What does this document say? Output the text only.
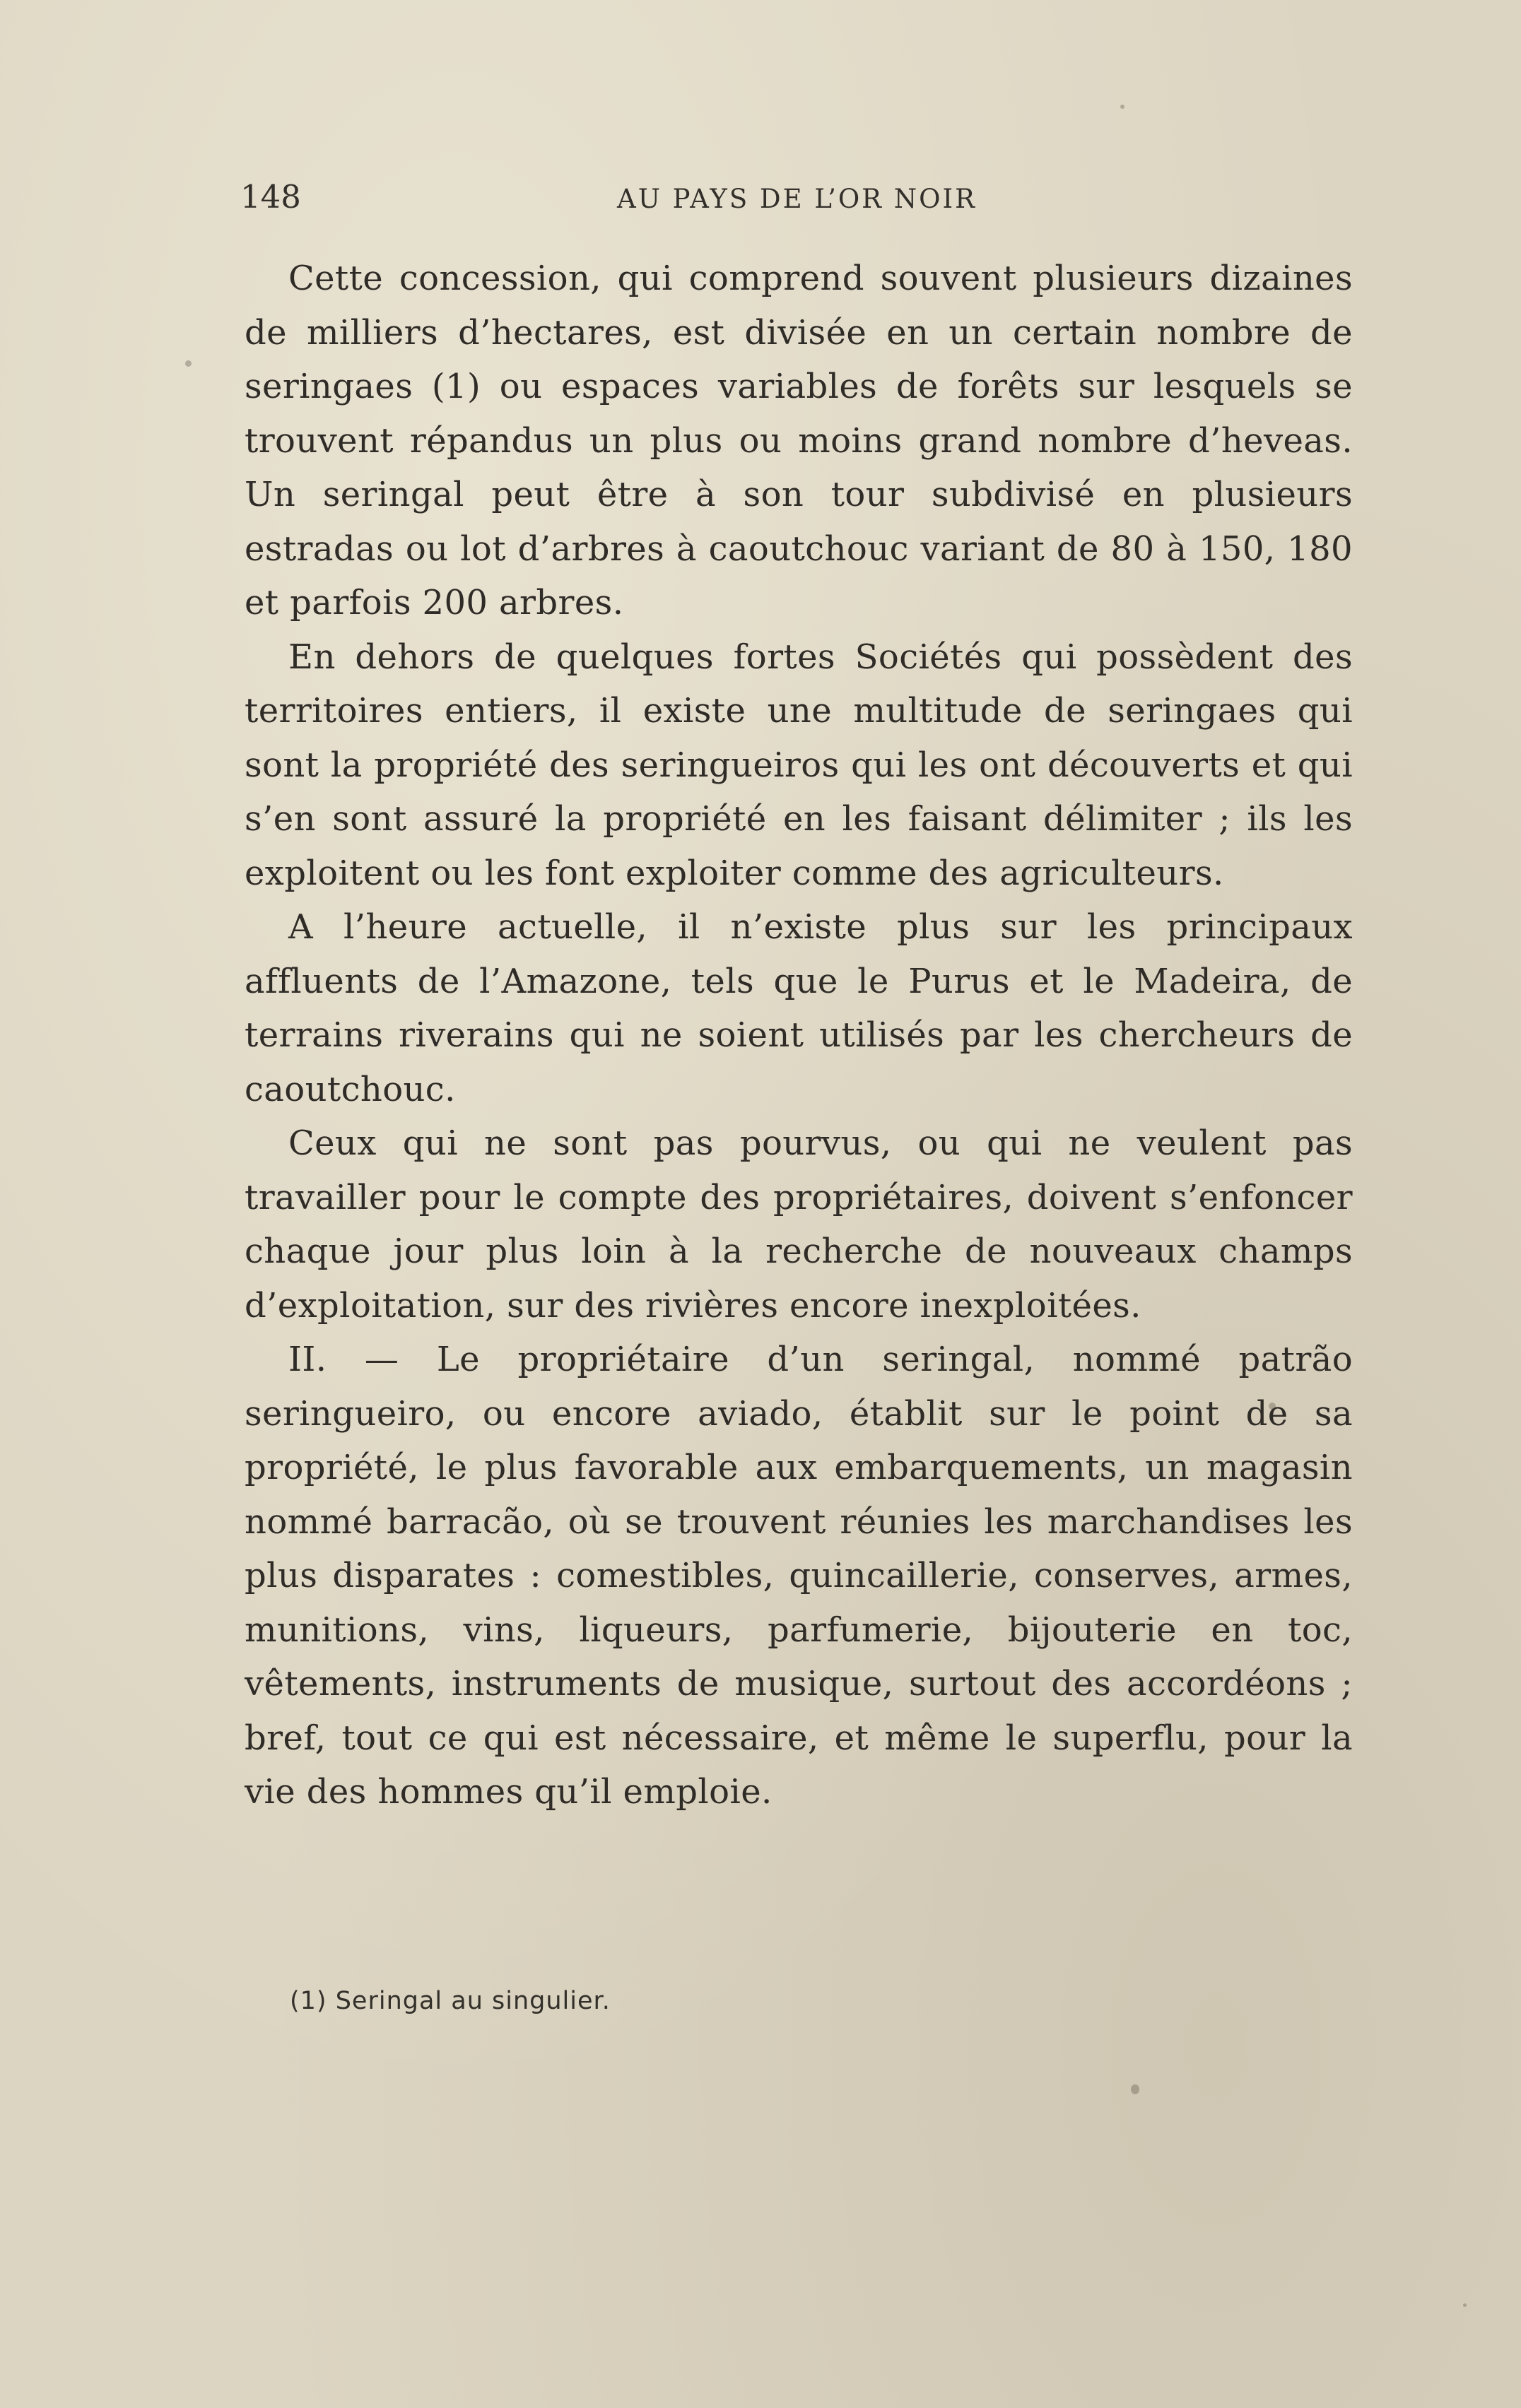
148	AU PAYS DE L’OR NOIR

Cette concession, qui comprend souvent plusieurs dizaines de milliers d’hectares, est divisée en un certain nombre de seringaes (1) ou espaces variables de forêts sur lesquels se trouvent répandus un plus ou moins grand nombre d’heveas. Un seringal peut être à son tour subdivisé en plusieurs estradas ou lot d’arbres à caoutchouc variant de 80 à 150, 180 et parfois 200 arbres.

En dehors de quelques fortes Sociétés qui possèdent des territoires entiers, il existe une multitude de seringaes qui sont la propriété des seringueiros qui les ont découverts et qui s’en sont assuré la propriété en les faisant délimiter ; ils les exploitent ou les font exploiter comme des agriculteurs.

A l’heure actuelle, il n’existe plus sur les principaux affluents de l’Amazone, tels que le Purus et le Madeira, de terrains riverains qui ne soient utilisés par les chercheurs de caoutchouc.

Ceux qui ne sont pas pourvus, ou qui ne veulent pas travailler pour le compte des propriétaires, doivent s’enfoncer chaque jour plus loin à la recherche de nouveaux champs d’exploitation, sur des rivières encore inexploitées.

II. — Le propriétaire d’un seringal, nommé patrão seringueiro, ou encore aviado, établit sur le point de sa propriété, le plus favorable aux embarquements, un magasin nommé barracão, où se trouvent réunies les marchandises les plus disparates : comestibles, quincaillerie, conserves, armes, munitions, vins, liqueurs, parfumerie, bijouterie en toc, vêtements, instruments de musique, surtout des accordéons ; bref, tout ce qui est nécessaire, et même le superflu, pour la vie des hommes qu’il emploie.

(1) Seringal au singulier.
